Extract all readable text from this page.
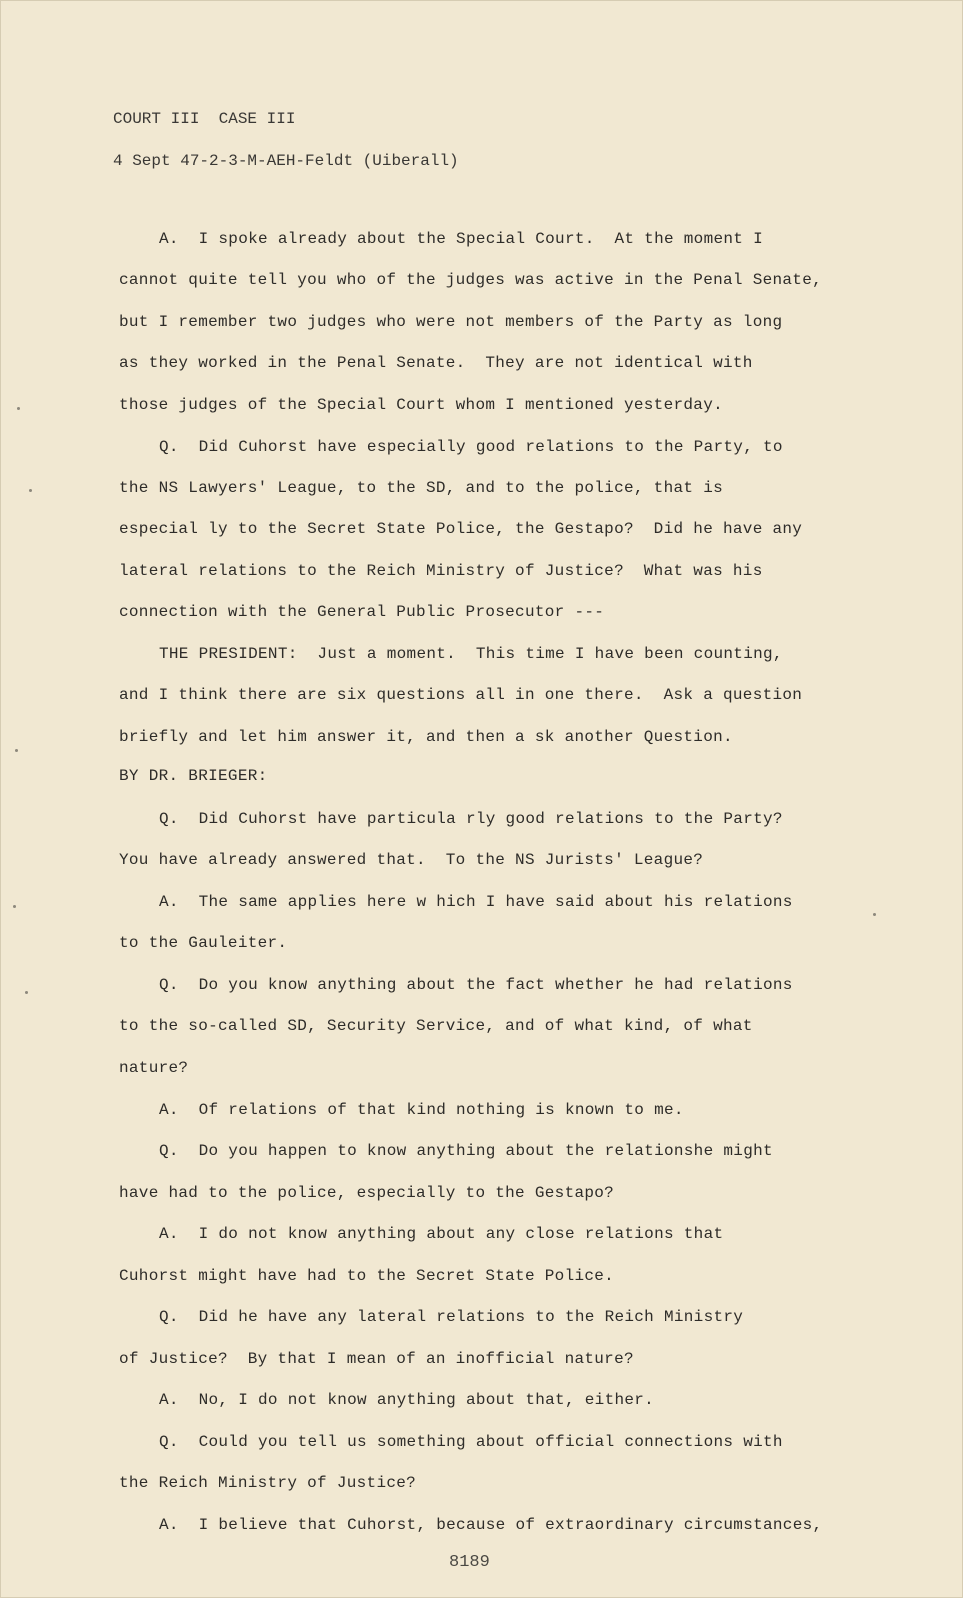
COURT III  CASE III
4 Sept 47-2-3-M-AEH-Feldt (Uiberall)
A.  I spoke already about the Special Court.  At the moment I
cannot quite tell you who of the judges was active in the Penal Senate,
but I remember two judges who were not members of the Party as long
as they worked in the Penal Senate.  They are not identical with
those judges of the Special Court whom I mentioned yesterday.
Q.  Did Cuhorst have especially good relations to the Party, to
the NS Lawyers' League, to the SD, and to the police, that is
especial ly to the Secret State Police, the Gestapo?  Did he have any
lateral relations to the Reich Ministry of Justice?  What was his
connection with the General Public Prosecutor ---
THE PRESIDENT:  Just a moment.  This time I have been counting,
and I think there are six questions all in one there.  Ask a question
briefly and let him answer it, and then a sk another Question.
BY DR. BRIEGER:
Q.  Did Cuhorst have particula rly good relations to the Party?
You have already answered that.  To the NS Jurists' League?
A.  The same applies here w hich I have said about his relations
to the Gauleiter.
Q.  Do you know anything about the fact whether he had relations
to the so-called SD, Security Service, and of what kind, of what
nature?
A.  Of relations of that kind nothing is known to me.
Q.  Do you happen to know anything about the relationshe might
have had to the police, especially to the Gestapo?
A.  I do not know anything about any close relations that
Cuhorst might have had to the Secret State Police.
Q.  Did he have any lateral relations to the Reich Ministry
of Justice?  By that I mean of an inofficial nature?
A.  No, I do not know anything about that, either.
Q.  Could you tell us something about official connections with
the Reich Ministry of Justice?
A.  I believe that Cuhorst, because of extraordinary circumstances,
8189
